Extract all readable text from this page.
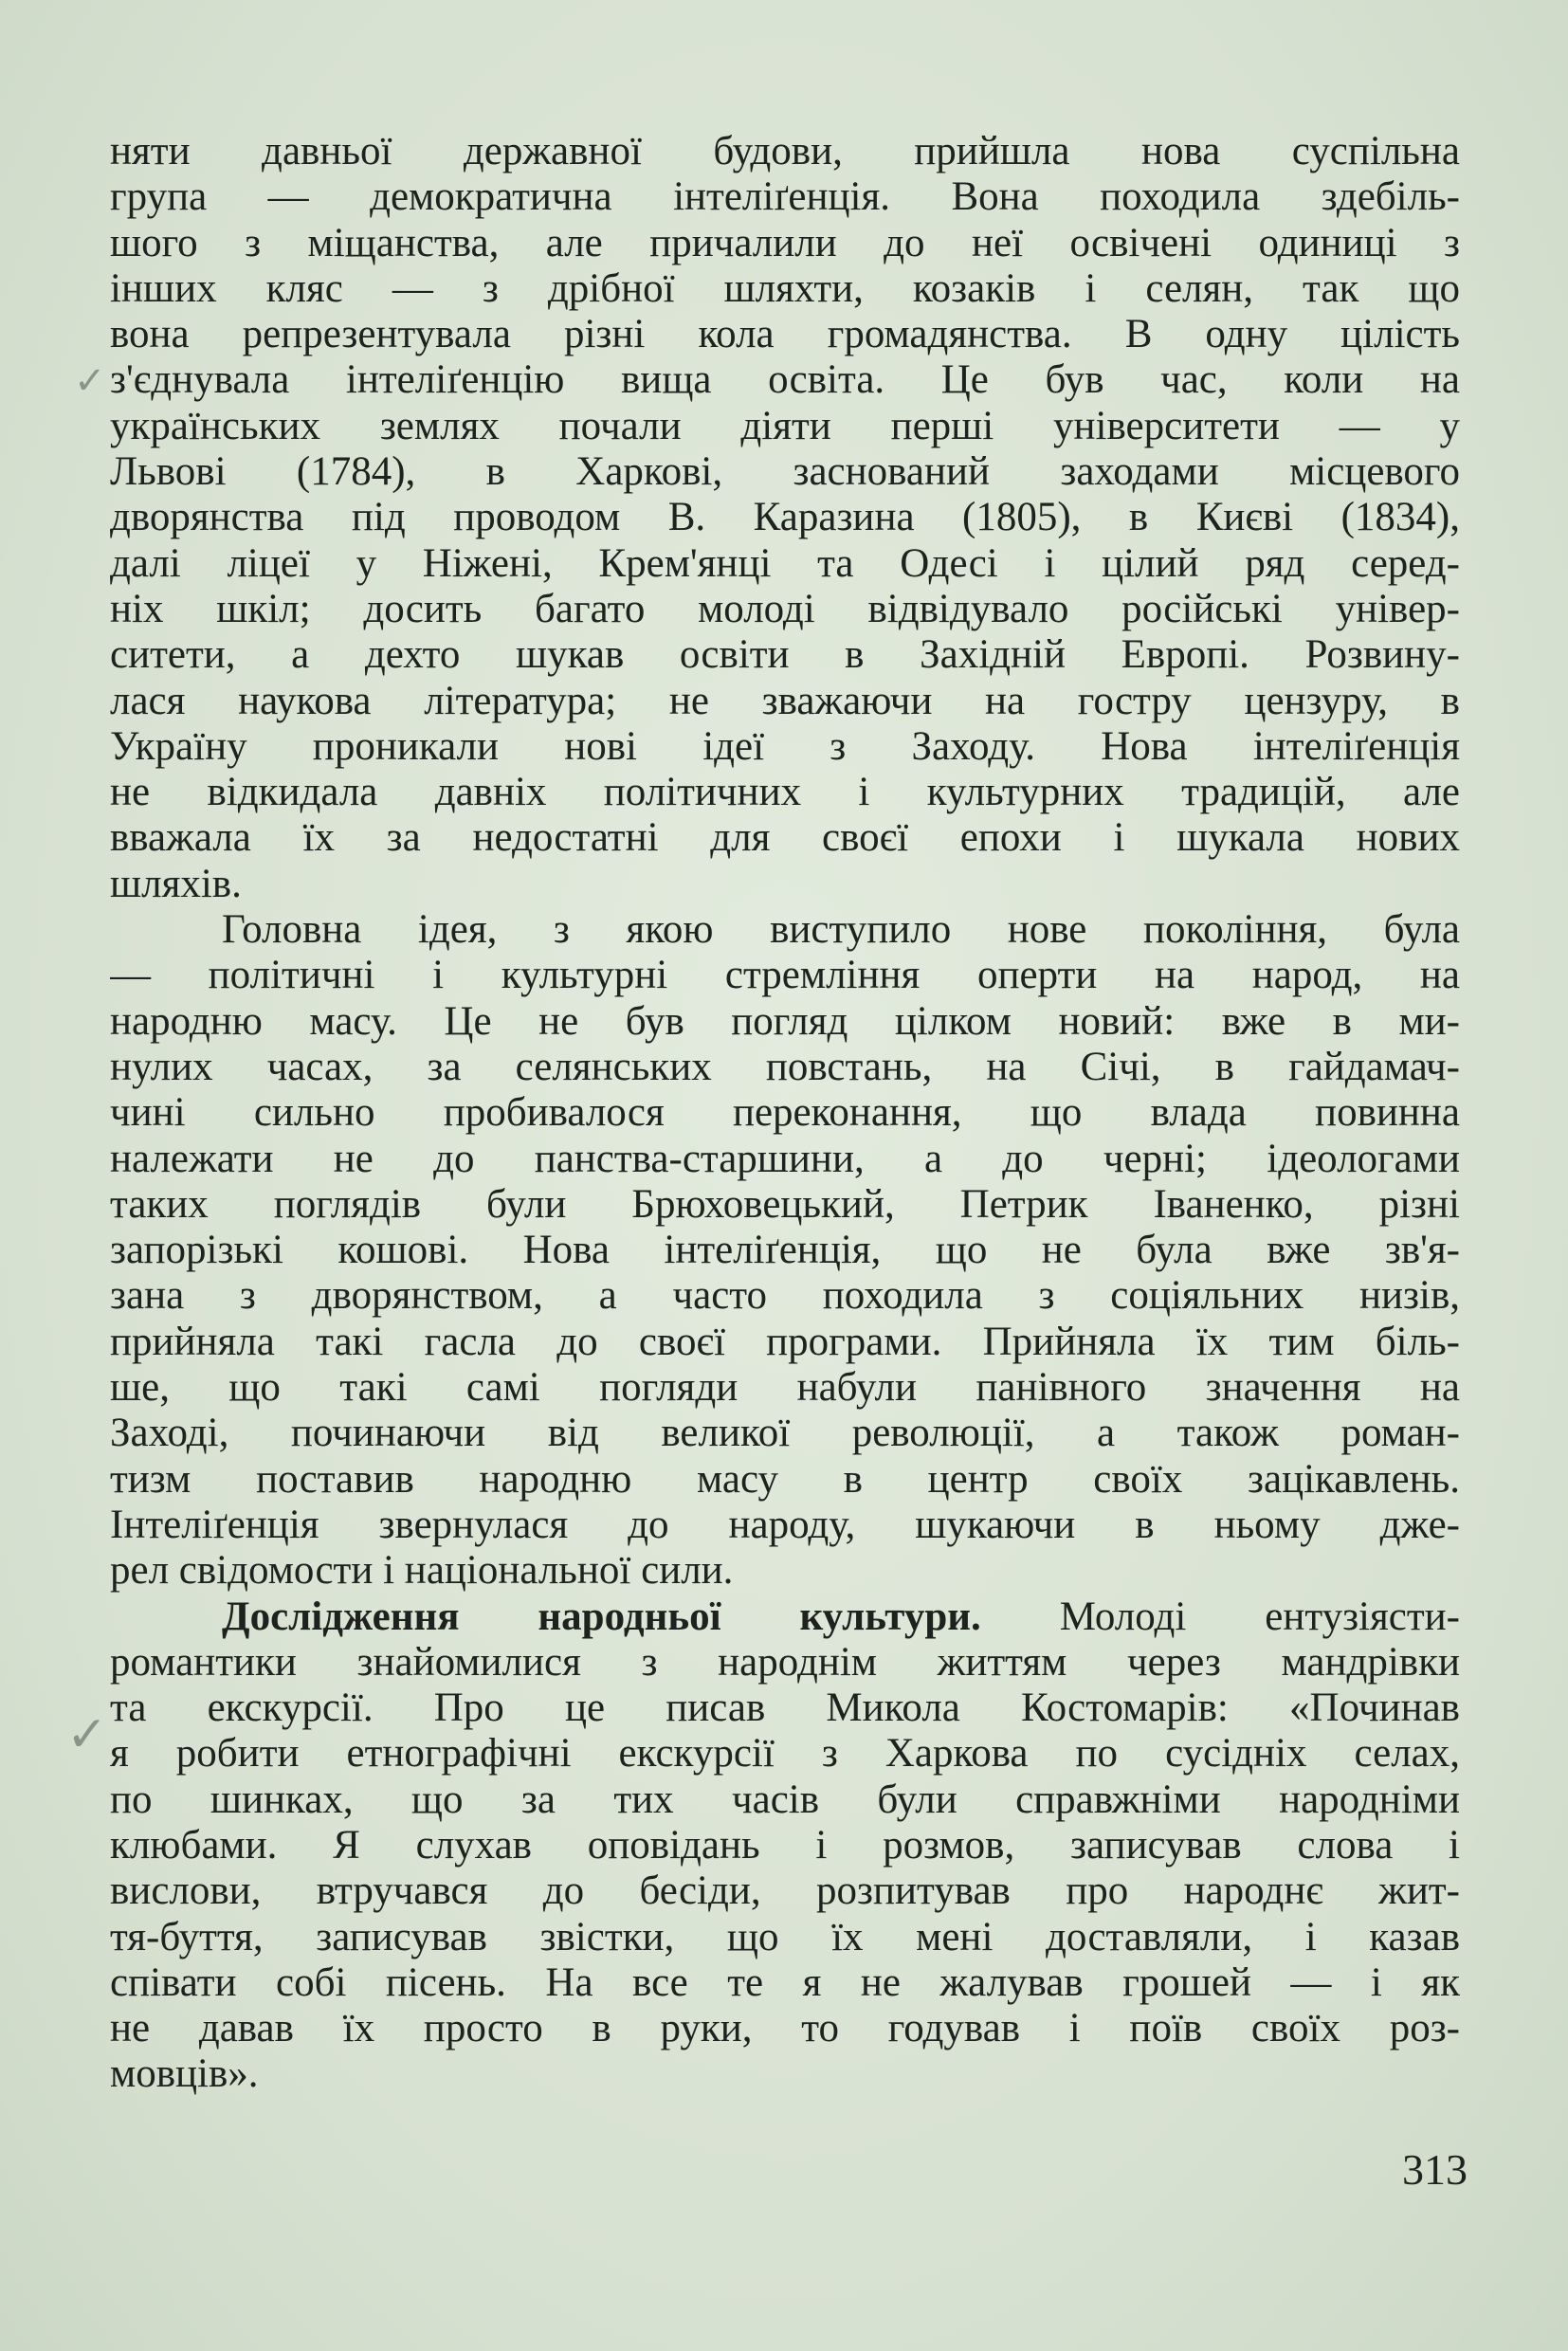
няти давньої державної будови, прийшла нова суспільна
група — демократична інтеліґенція. Вона походила здебіль-
шого з міщанства, але причалили до неї освічені одиниці з
інших кляс — з дрібної шляхти, козаків і селян, так що
вона репрезентувала різні кола громадянства. В одну цілість
з'єднувала інтеліґенцію вища освіта. Це був час, коли на
українських землях почали діяти перші університети — у
Львові (1784), в Харкові, заснований заходами місцевого
дворянства під проводом В. Каразина (1805), в Києві (1834),
далі ліцеї у Ніжені, Крем'янці та Одесі і цілий ряд серед-
ніх шкіл; досить багато молоді відвідувало російські універ-
ситети, а дехто шукав освіти в Західній Европі. Розвину-
лася наукова література; не зважаючи на гостру цензуру, в
Україну проникали нові ідеї з Заходу. Нова інтеліґенція
не відкидала давніх політичних і культурних традицій, але
вважала їх за недостатні для своєї епохи і шукала нових
шляхів.
Головна ідея, з якою виступило нове покоління, була
— політичні і культурні стремління оперти на народ, на
народню масу. Це не був погляд цілком новий: вже в ми-
нулих часах, за селянських повстань, на Січі, в гайдамач-
чині сильно пробивалося переконання, що влада повинна
належати не до панства-старшини, а до черні; ідеологами
таких поглядів були Брюховецький, Петрик Іваненко, різні
запорізькі кошові. Нова інтеліґенція, що не була вже зв'я-
зана з дворянством, а часто походила з соціяльних низів,
прийняла такі гасла до своєї програми. Прийняла їх тим біль-
ше, що такі самі погляди набули панівного значення на
Заході, починаючи від великої революції, а також роман-
тизм поставив народню масу в центр своїх зацікавлень.
Інтеліґенція звернулася до народу, шукаючи в ньому дже-
рел свідомости і національної сили.
Дослідження народньої культури. Молоді ентузіясти-
романтики знайомилися з народнім життям через мандрівки
та екскурсії. Про це писав Микола Костомарів: «Починав
я робити етнографічні екскурсії з Харкова по сусідніх селах,
по шинках, що за тих часів були справжніми народніми
клюбами. Я слухав оповідань і розмов, записував слова і
вислови, втручався до бесіди, розпитував про народнє жит-
тя-буття, записував звістки, що їх мені доставляли, і казав
співати собі пісень. На все те я не жалував грошей — і як
не давав їх просто в руки, то годував і поїв своїх роз-
мовців».
313
✓
✓
